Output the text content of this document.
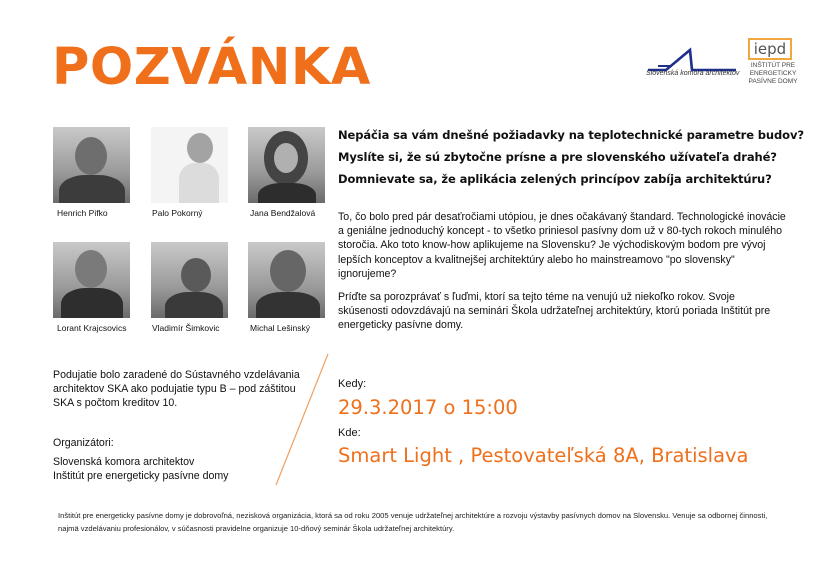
POZVÁNKA	Slovenská komora architektov
iepd
INŠTITÚT PRE
ENERGETICKY
PASÍVNE DOMY
Henrich Pifko	Palo Pokorný	Jana Bendžalová
Lorant Krajcsovics	Vladimír Šimkovic	Michal Lešinský
Nepáčia sa vám dnešné požiadavky na teplotechnické parametre budov?
Myslíte si, že sú zbytočne prísne a pre slovenského užívateľa drahé?
Domnievate sa, že aplikácia zelených princípov zabíja architektúru?
To, čo bolo pred pár desaťročiami utópiou, je dnes očakávaný štandard. Technologické inovácie a geniálne jednoduchý koncept - to všetko priniesol pasívny dom už v 80-tych rokoch minulého storočia. Ako toto know-how aplikujeme na Slovensku? Je východiskovým bodom pre vývoj lepších konceptov a kvalitnejšej architektúry alebo ho mainstreamovo "po slovensky" ignorujeme?
Príďte sa porozprávať s ľuďmi, ktorí sa tejto téme na venujú už niekoľko rokov. Svoje skúsenosti odovzdávajú na seminári Škola udržateľnej architektúry, ktorú poriada Inštitút pre energeticky pasívne domy.
Podujatie bolo zaradené do Sústavného vzdelávania architektov SKA ako podujatie typu B – pod záštitou SKA s počtom kreditov 10.
Organizátori:
Slovenská komora architektov
Inštitút pre energeticky pasívne domy
Kedy:
29.3.2017 o 15:00
Kde:
Smart Light , Pestovateľská 8A, Bratislava
Inštitút pre energeticky pasívne domy je dobrovoľná, nezisková organizácia, ktorá sa od roku 2005 venuje udržateľnej architektúre a rozvoju výstavby pasívnych domov na Slovensku. Venuje sa odbornej činnosti, najmä vzdelávaniu profesionálov, v súčasnosti pravidelne organizuje 10-dňový seminár Škola udržateľnej architektúry.
